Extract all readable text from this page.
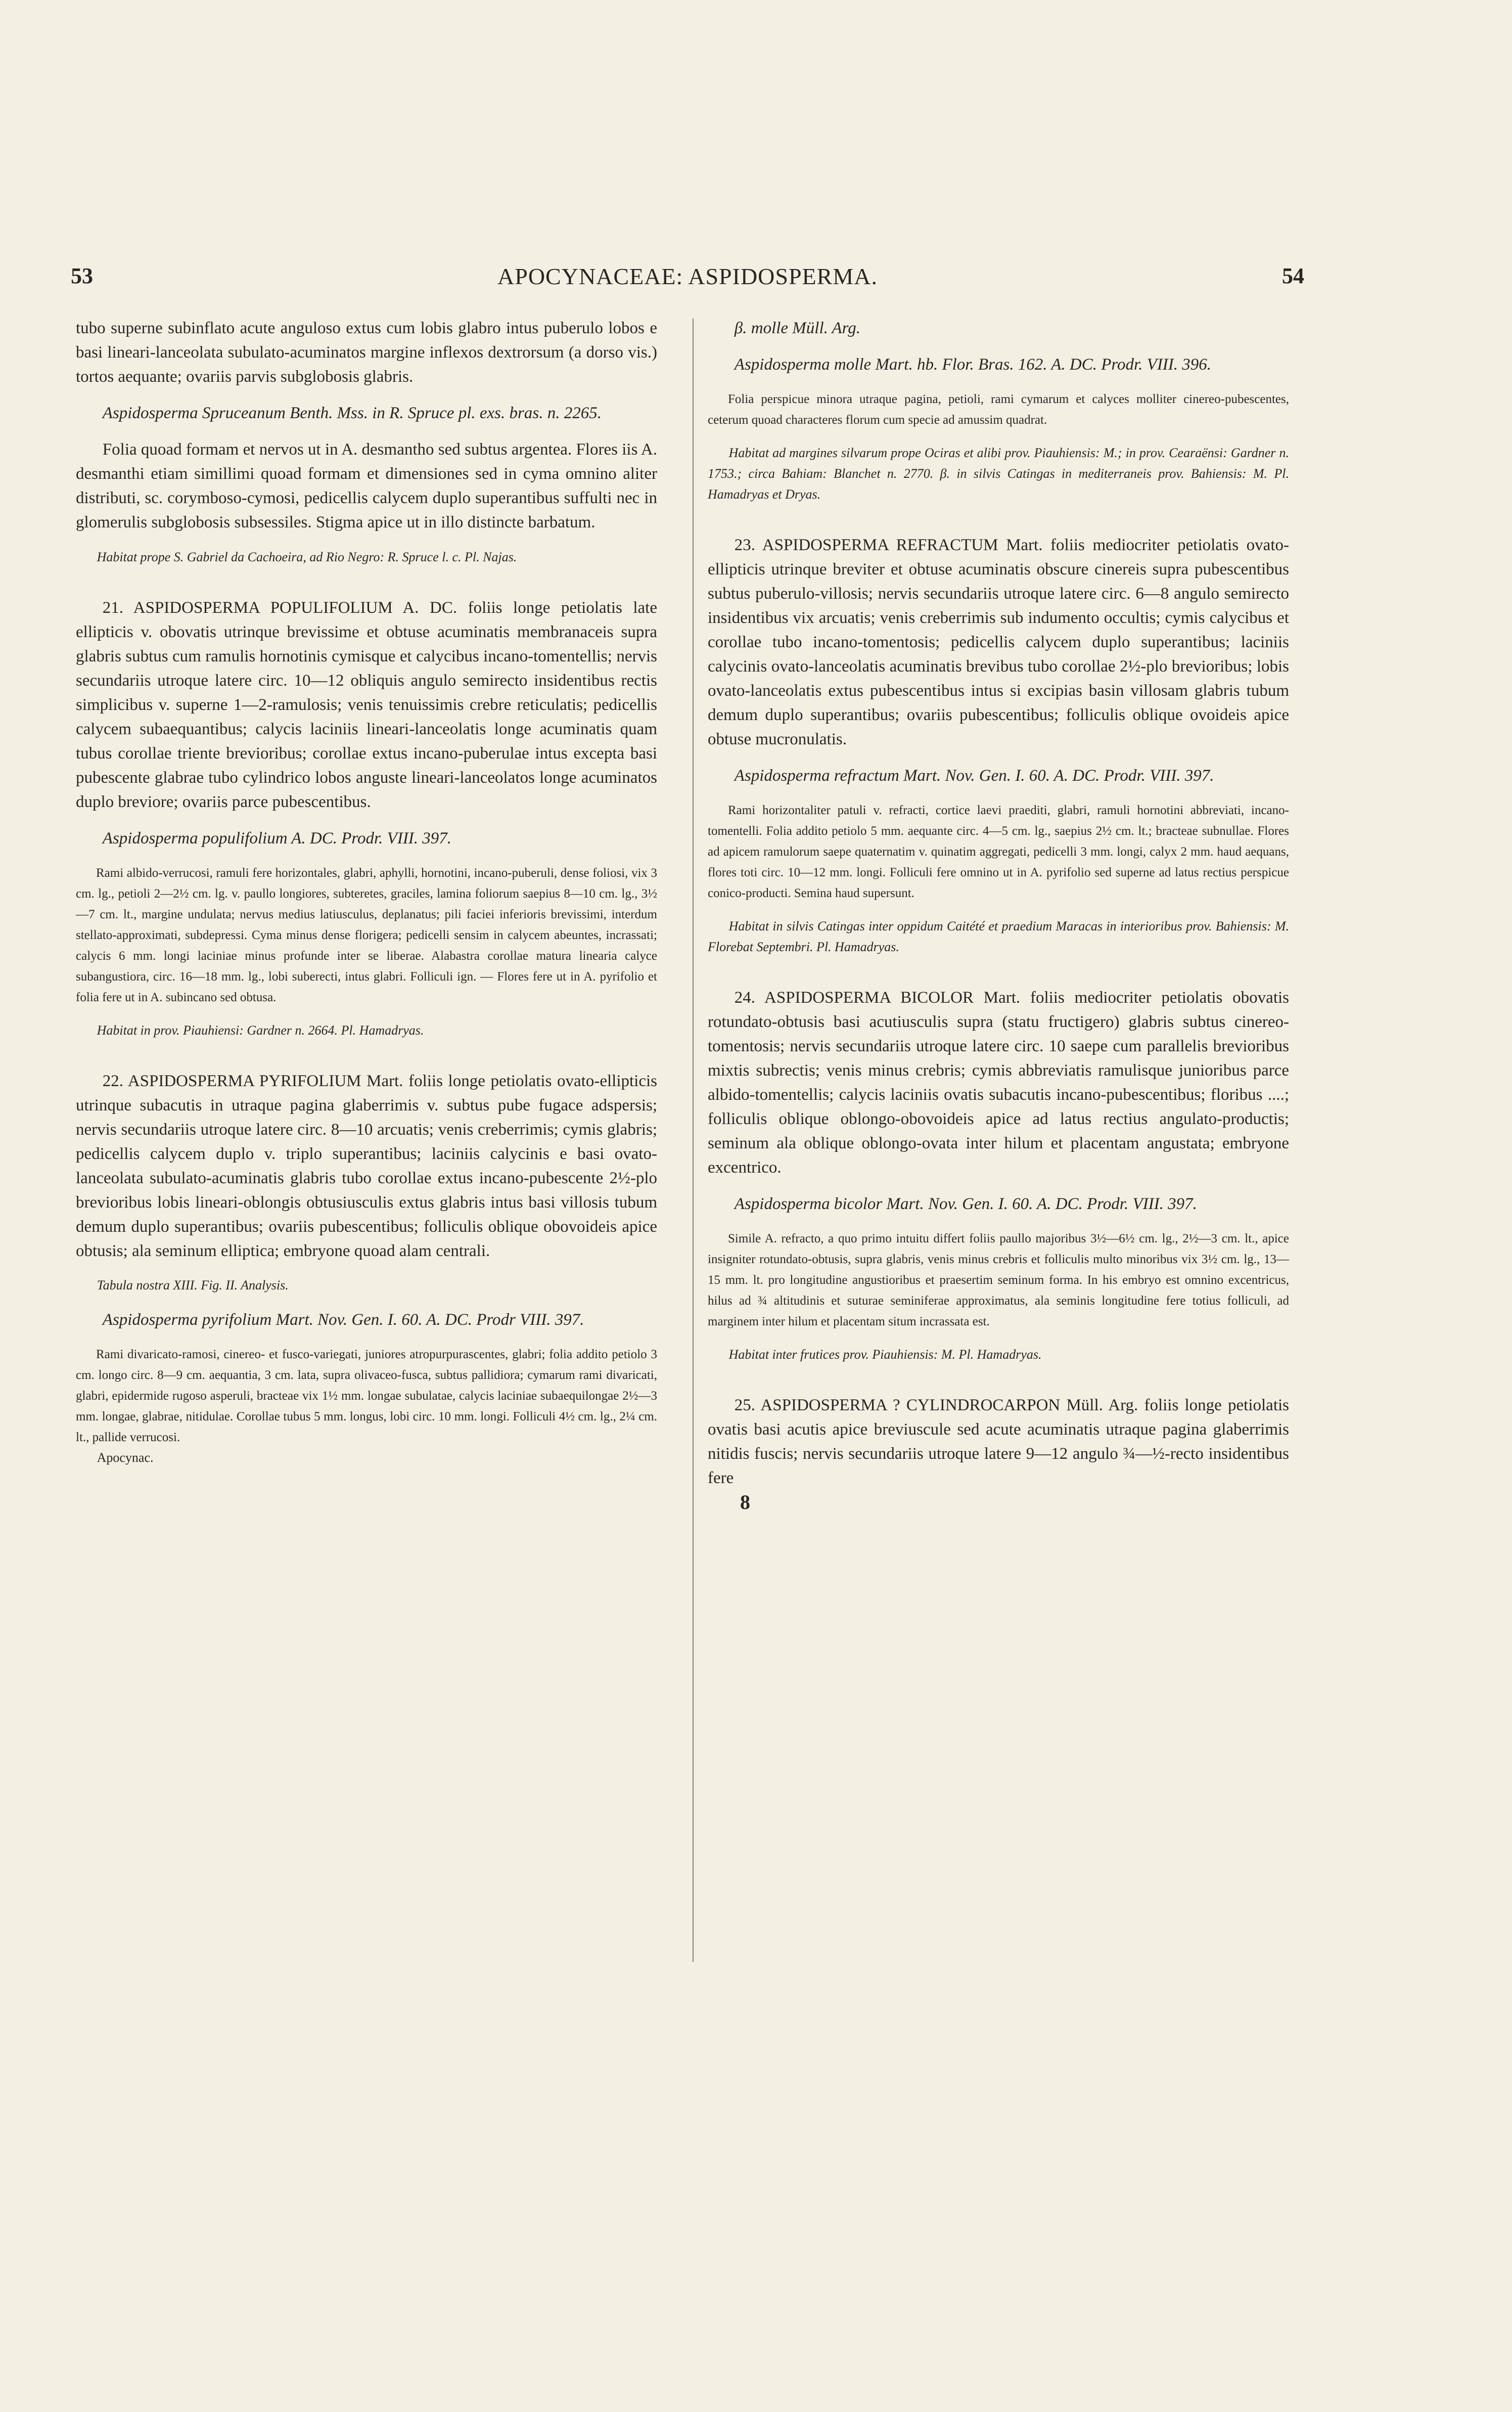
53	APOCYNACEAE: ASPIDOSPERMA.	54

tubo superne subinflato acute anguloso extus cum lobis glabro intus puberulo lobos e basi lineari-lanceolata subulato-acuminatos margine inflexos dextrorsum (a dorso vis.) tortos aequante; ovariis parvis subglobosis glabris.

Aspidosperma Spruceanum Benth. Mss. in R. Spruce pl. exs. bras. n. 2265.

Folia quoad formam et nervos ut in A. desmantho sed subtus argentea. Flores iis A. desmanthi etiam simillimi quoad formam et dimensiones sed in cyma omnino aliter distributi, sc. corymboso-cymosi, pedicellis calycem duplo superantibus suffulti nec in glomerulis subglobosis subsessiles. Stigma apice ut in illo distincte barbatum.

Habitat prope S. Gabriel da Cachoeira, ad Rio Negro: R. Spruce l. c. Pl. Najas.

21. ASPIDOSPERMA POPULIFOLIUM A. DC. foliis longe petiolatis late ellipticis v. obovatis utrinque brevissime et obtuse acuminatis membranaceis supra glabris subtus cum ramulis hornotinis cymisque et calycibus incano-tomentellis; nervis secundariis utroque latere circ. 10—12 obliquis angulo semirecto insidentibus rectis simplicibus v. superne 1—2-ramulosis; venis tenuissimis crebre reticulatis; pedicellis calycem subaequantibus; calycis laciniis lineari-lanceolatis longe acuminatis quam tubus corollae triente brevioribus; corollae extus incano-puberulae intus excepta basi pubescente glabrae tubo cylindrico lobos anguste lineari-lanceolatos longe acuminatos duplo breviore; ovariis parce pubescentibus.

Aspidosperma populifolium A. DC. Prodr. VIII. 397.

Rami albido-verrucosi, ramuli fere horizontales, glabri, aphylli, hornotini, incano-puberuli, dense foliosi, vix 3 cm. lg., petioli 2—2½ cm. lg. v. paullo longiores, subteretes, graciles, lamina foliorum saepius 8—10 cm. lg., 3½—7 cm. lt., margine undulata; nervus medius latiusculus, deplanatus; pili faciei inferioris brevissimi, interdum stellato-approximati, subdepressi. Cyma minus dense florigera; pedicelli sensim in calycem abeuntes, incrassati; calycis 6 mm. longi laciniae minus profunde inter se liberae. Alabastra corollae matura linearia calyce subangustiora, circ. 16—18 mm. lg., lobi suberecti, intus glabri. Folliculi ign. — Flores fere ut in A. pyrifolio et folia fere ut in A. subincano sed obtusa.

Habitat in prov. Piauhiensi: Gardner n. 2664. Pl. Hamadryas.

22. ASPIDOSPERMA PYRIFOLIUM Mart. foliis longe petiolatis ovato-ellipticis utrinque subacutis in utraque pagina glaberrimis v. subtus pube fugace adspersis; nervis secundariis utroque latere circ. 8—10 arcuatis; venis creberrimis; cymis glabris; pedicellis calycem duplo v. triplo superantibus; laciniis calycinis e basi ovato-lanceolata subulato-acuminatis glabris tubo corollae extus incano-pubescente 2½-plo brevioribus lobis lineari-oblongis obtusiusculis extus glabris intus basi villosis tubum demum duplo superantibus; ovariis pubescentibus; folliculis oblique obovoideis apice obtusis; ala seminum elliptica; embryone quoad alam centrali.

Tabula nostra XIII. Fig. II. Analysis.

Aspidosperma pyrifolium Mart. Nov. Gen. I. 60. A. DC. Prodr VIII. 397.

Rami divaricato-ramosi, cinereo- et fusco-variegati, juniores atropurpurascentes, glabri; folia addito petiolo 3 cm. longo circ. 8—9 cm. aequantia, 3 cm. lata, supra olivaceo-fusca, subtus pallidiora; cymarum rami divaricati, glabri, epidermide rugoso asperuli, bracteae vix 1½ mm. longae subulatae, calycis laciniae subaequilongae 2½—3 mm. longae, glabrae, nitidulae. Corollae tubus 5 mm. longus, lobi circ. 10 mm. longi. Folliculi 4½ cm. lg., 2¼ cm. lt., pallide verrucosi.

Apocynac.

β. molle Müll. Arg.

Aspidosperma molle Mart. hb. Flor. Bras. 162. A. DC. Prodr. VIII. 396.

Folia perspicue minora utraque pagina, petioli, rami cymarum et calyces molliter cinereo-pubescentes, ceterum quoad characteres florum cum specie ad amussim quadrat.

Habitat ad margines silvarum prope Ociras et alibi prov. Piauhiensis: M.; in prov. Cearaënsi: Gardner n. 1753.; circa Bahiam: Blanchet n. 2770. β. in silvis Catingas in mediterraneis prov. Bahiensis: M. Pl. Hamadryas et Dryas.

23. ASPIDOSPERMA REFRACTUM Mart. foliis mediocriter petiolatis ovato-ellipticis utrinque breviter et obtuse acuminatis obscure cinereis supra pubescentibus subtus puberulo-villosis; nervis secundariis utroque latere circ. 6—8 angulo semirecto insidentibus vix arcuatis; venis creberrimis sub indumento occultis; cymis calycibus et corollae tubo incano-tomentosis; pedicellis calycem duplo superantibus; laciniis calycinis ovato-lanceolatis acuminatis brevibus tubo corollae 2½-plo brevioribus; lobis ovato-lanceolatis extus pubescentibus intus si excipias basin villosam glabris tubum demum duplo superantibus; ovariis pubescentibus; folliculis oblique ovoideis apice obtuse mucronulatis.

Aspidosperma refractum Mart. Nov. Gen. I. 60. A. DC. Prodr. VIII. 397.

Rami horizontaliter patuli v. refracti, cortice laevi praediti, glabri, ramuli hornotini abbreviati, incano-tomentelli. Folia addito petiolo 5 mm. aequante circ. 4—5 cm. lg., saepius 2½ cm. lt.; bracteae subnullae. Flores ad apicem ramulorum saepe quaternatim v. quinatim aggregati, pedicelli 3 mm. longi, calyx 2 mm. haud aequans, flores toti circ. 10—12 mm. longi. Folliculi fere omnino ut in A. pyrifolio sed superne ad latus rectius perspicue conico-producti. Semina haud supersunt.

Habitat in silvis Catingas inter oppidum Caitété et praedium Maracas in interioribus prov. Bahiensis: M. Florebat Septembri. Pl. Hamadryas.

24. ASPIDOSPERMA BICOLOR Mart. foliis mediocriter petiolatis obovatis rotundato-obtusis basi acutiusculis supra (statu fructigero) glabris subtus cinereo-tomentosis; nervis secundariis utroque latere circ. 10 saepe cum parallelis brevioribus mixtis subrectis; venis minus crebris; cymis abbreviatis ramulisque junioribus parce albido-tomentellis; calycis laciniis ovatis subacutis incano-pubescentibus; floribus ....; folliculis oblique oblongo-obovoideis apice ad latus rectius angulato-productis; seminum ala oblique oblongo-ovata inter hilum et placentam angustata; embryone excentrico.

Aspidosperma bicolor Mart. Nov. Gen. I. 60. A. DC. Prodr. VIII. 397.

Simile A. refracto, a quo primo intuitu differt foliis paullo majoribus 3½—6½ cm. lg., 2½—3 cm. lt., apice insigniter rotundato-obtusis, supra glabris, venis minus crebris et folliculis multo minoribus vix 3½ cm. lg., 13—15 mm. lt. pro longitudine angustioribus et praesertim seminum forma. In his embryo est omnino excentricus, hilus ad ¾ altitudinis et suturae seminiferae approximatus, ala seminis longitudine fere totius folliculi, ad marginem inter hilum et placentam situm incrassata est.

Habitat inter frutices prov. Piauhiensis: M. Pl. Hamadryas.

25. ASPIDOSPERMA ? CYLINDROCARPON Müll. Arg. foliis longe petiolatis ovatis basi acutis apice breviuscule sed acute acuminatis utraque pagina glaberrimis nitidis fuscis; nervis secundariis utroque latere 9—12 angulo ¾—½-recto insidentibus fere

8
